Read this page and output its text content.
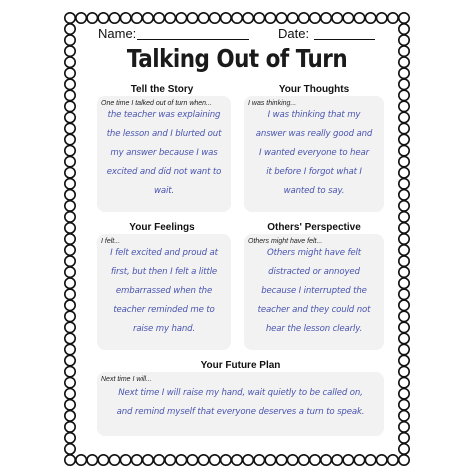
Name:	Date:
Talking Out of Turn
Tell the Story
One time I talked out of turn when...
the teacher was explaining
the lesson and I blurted out
my answer because I was
excited and did not want to
wait.
Your Thoughts
I was thinking...
I was thinking that my
answer was really good and
I wanted everyone to hear
it before I forgot what I
wanted to say.
Your Feelings
I felt...
I felt excited and proud at
first, but then I felt a little
embarrassed when the
teacher reminded me to
raise my hand.
Others' Perspective
Others might have felt...
Others might have felt
distracted or annoyed
because I interrupted the
teacher and they could not
hear the lesson clearly.
Your Future Plan
Next time I will...
Next time I will raise my hand, wait quietly to be called on,
and remind myself that everyone deserves a turn to speak.
